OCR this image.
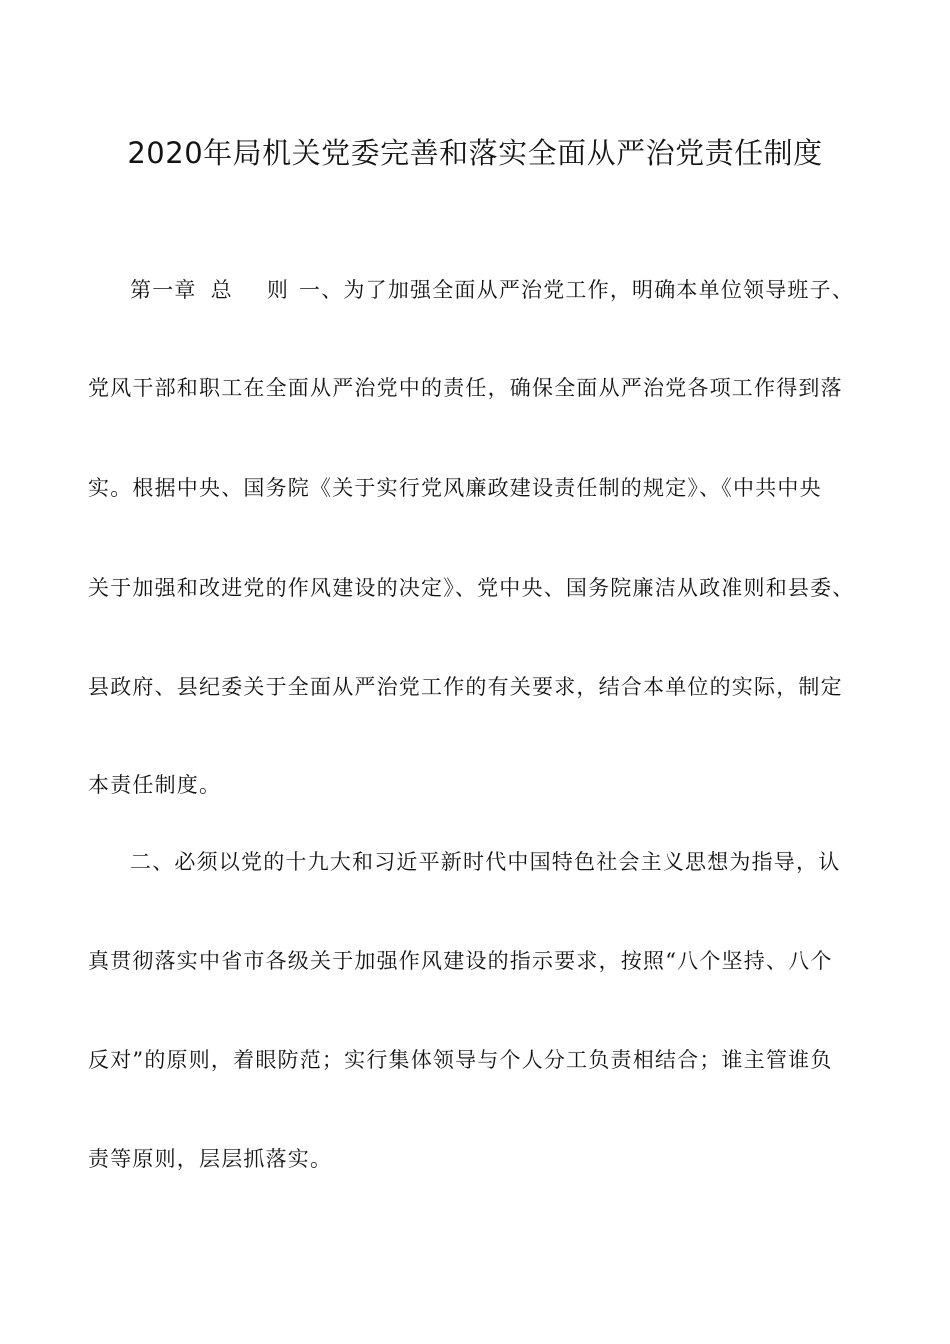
2020年局机关党委完善和落实全面从严治党责任制度
第一章 总 则 一、为了加强全面从严治党工作，明确本单位领导班子、
党风干部和职工在全面从严治党中的责任，确保全面从严治党各项工作得到落
实。根据中央、国务院《关于实行党风廉政建设责任制的规定》、《中共中央
关于加强和改进党的作风建设的决定》、党中央、国务院廉洁从政准则和县委、
县政府、县纪委关于全面从严治党工作的有关要求，结合本单位的实际，制定
本责任制度。
二、必须以党的十九大和习近平新时代中国特色社会主义思想为指导，认
真贯彻落实中省市各级关于加强作风建设的指示要求，按照“八个坚持、八个
反对”的原则，着眼防范；实行集体领导与个人分工负责相结合；谁主管谁负
责等原则，层层抓落实。
